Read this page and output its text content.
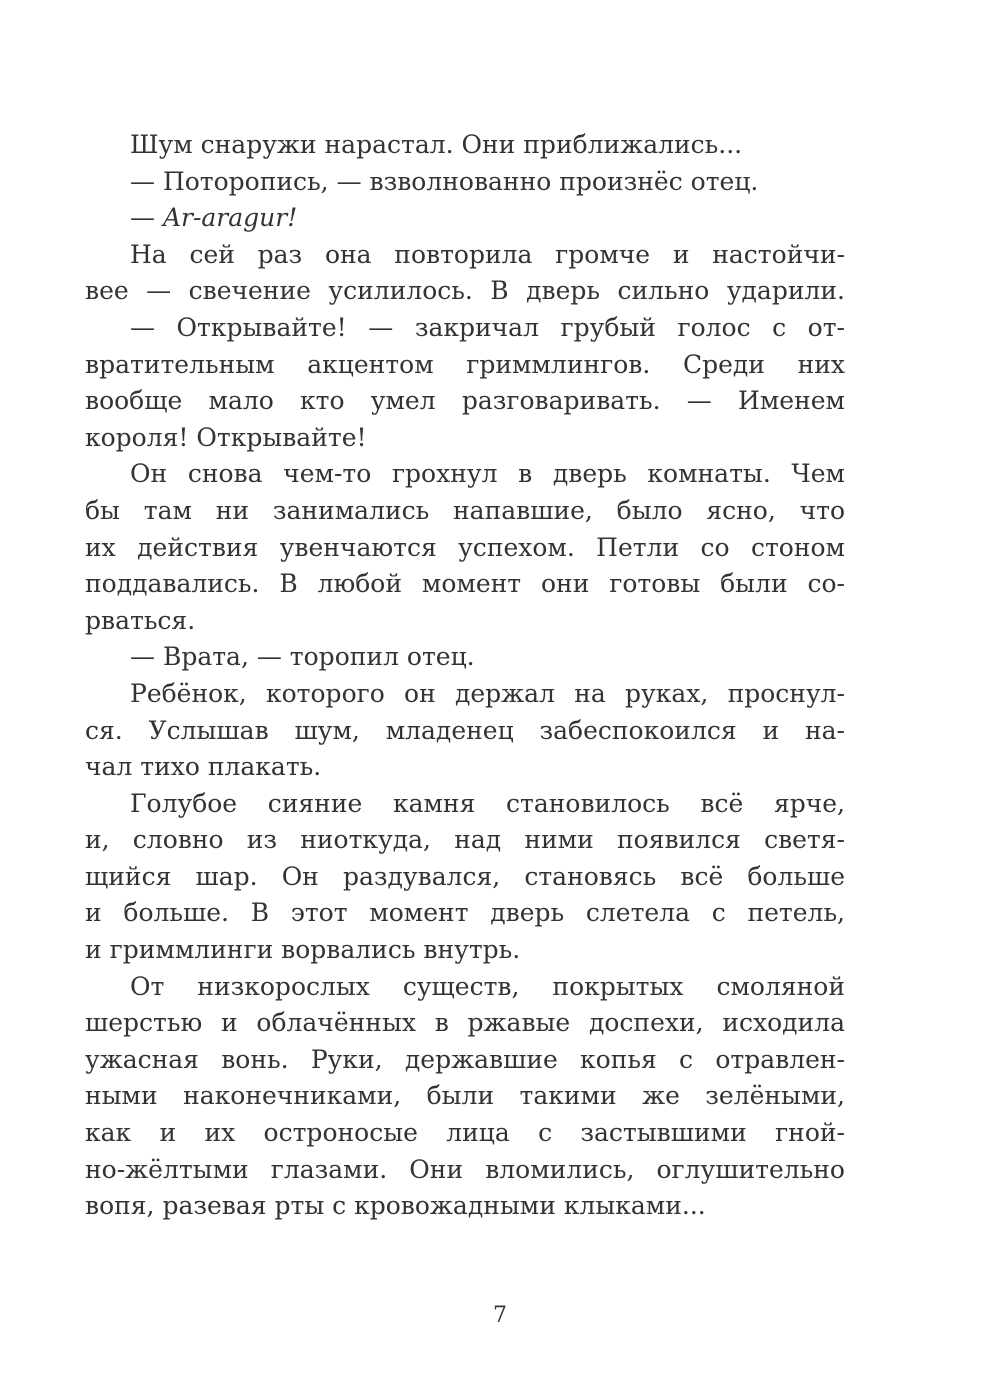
Шум снаружи нарастал. Они приближались...
— Поторопись, — взволнованно произнёс отец.
— Ar-aragur!
На сей раз она повторила громче и настойчи-
вее — свечение усилилось. В дверь сильно ударили.
— Открывайте! — закричал грубый голос с от-
вратительным акцентом гриммлингов. Среди них
вообще мало кто умел разговаривать. — Именем
короля! Открывайте!
Он снова чем-то грохнул в дверь комнаты. Чем
бы там ни занимались напавшие, было ясно, что
их действия увенчаются успехом. Петли со стоном
поддавались. В любой момент они готовы были со-
рваться.
— Врата, — торопил отец.
Ребёнок, которого он держал на руках, проснул-
ся. Услышав шум, младенец забеспокоился и на-
чал тихо плакать.
Голубое сияние камня становилось всё ярче,
и, словно из ниоткуда, над ними появился светя-
щийся шар. Он раздувался, становясь всё больше
и больше. В этот момент дверь слетела с петель,
и гриммлинги ворвались внутрь.
От низкорослых существ, покрытых смоляной
шерстью и облачённых в ржавые доспехи, исходила
ужасная вонь. Руки, державшие копья с отравлен-
ными наконечниками, были такими же зелёными,
как и их остроносые лица с застывшими гной-
но-жёлтыми глазами. Они вломились, оглушительно
вопя, разевая рты с кровожадными клыками...
7
